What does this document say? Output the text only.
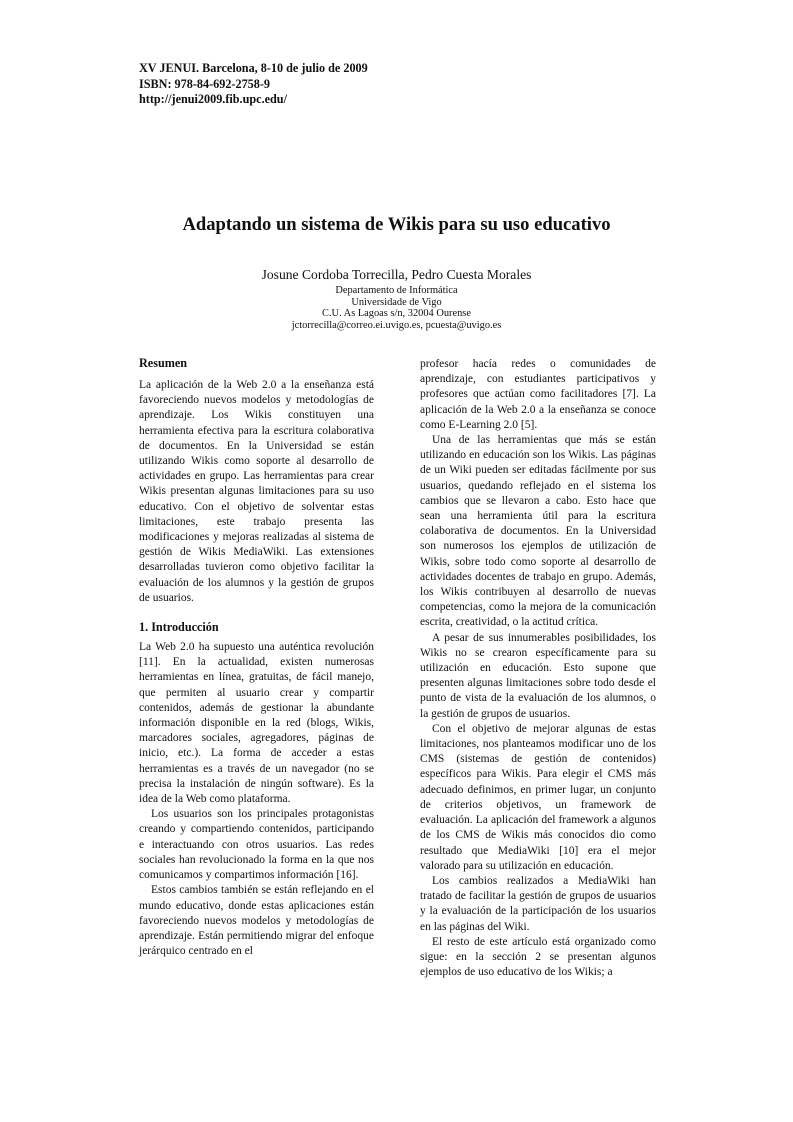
XV JENUI. Barcelona, 8-10 de julio de 2009
ISBN: 978-84-692-2758-9
http://jenui2009.fib.upc.edu/
Adaptando un sistema de Wikis para su uso educativo
Josune Cordoba Torrecilla, Pedro Cuesta Morales
Departamento de Informática
Universidade de Vigo
C.U. As Lagoas s/n, 32004 Ourense
jctorrecilla@correo.ei.uvigo.es, pcuesta@uvigo.es
Resumen

La aplicación de la Web 2.0 a la enseñanza está favoreciendo nuevos modelos y metodologías de aprendizaje. Los Wikis constituyen una herramienta efectiva para la escritura colaborativa de documentos. En la Universidad se están utilizando Wikis como soporte al desarrollo de actividades en grupo. Las herramientas para crear Wikis presentan algunas limitaciones para su uso educativo. Con el objetivo de solventar estas limitaciones, este trabajo presenta las modificaciones y mejoras realizadas al sistema de gestión de Wikis MediaWiki. Las extensiones desarrolladas tuvieron como objetivo facilitar la evaluación de los alumnos y la gestión de grupos de usuarios.

1. Introducción

La Web 2.0 ha supuesto una auténtica revolución [11]. En la actualidad, existen numerosas herramientas en línea, gratuitas, de fácil manejo, que permiten al usuario crear y compartir contenidos, además de gestionar la abundante información disponible en la red (blogs, Wikis, marcadores sociales, agregadores, páginas de inicio, etc.). La forma de acceder a estas herramientas es a través de un navegador (no se precisa la instalación de ningún software). Es la idea de la Web como plataforma.

Los usuarios son los principales protagonistas creando y compartiendo contenidos, participando e interactuando con otros usuarios. Las redes sociales han revolucionado la forma en la que nos comunicamos y compartimos información [16].

Estos cambios también se están reflejando en el mundo educativo, donde estas aplicaciones están favoreciendo nuevos modelos y metodologías de aprendizaje. Están permitiendo migrar del enfoque jerárquico centrado en el

profesor hacía redes o comunidades de aprendizaje, con estudiantes participativos y profesores que actúan como facilitadores [7]. La aplicación de la Web 2.0 a la enseñanza se conoce como E-Learning 2.0 [5].

Una de las herramientas que más se están utilizando en educación son los Wikis. Las páginas de un Wiki pueden ser editadas fácilmente por sus usuarios, quedando reflejado en el sistema los cambios que se llevaron a cabo. Esto hace que sean una herramienta útil para la escritura colaborativa de documentos. En la Universidad son numerosos los ejemplos de utilización de Wikis, sobre todo como soporte al desarrollo de actividades docentes de trabajo en grupo. Además, los Wikis contribuyen al desarrollo de nuevas competencias, como la mejora de la comunicación escrita, creatividad, o la actitud crítica.

A pesar de sus innumerables posibilidades, los Wikis no se crearon específicamente para su utilización en educación. Esto supone que presenten algunas limitaciones sobre todo desde el punto de vista de la evaluación de los alumnos, o la gestión de grupos de usuarios.

Con el objetivo de mejorar algunas de estas limitaciones, nos planteamos modificar uno de los CMS (sistemas de gestión de contenidos) específicos para Wikis. Para elegir el CMS más adecuado definimos, en primer lugar, un conjunto de criterios objetivos, un framework de evaluación. La aplicación del framework a algunos de los CMS de Wikis más conocidos dio como resultado que MediaWiki [10] era el mejor valorado para su utilización en educación.

Los cambios realizados a MediaWiki han tratado de facilitar la gestión de grupos de usuarios y la evaluación de la participación de los usuarios en las páginas del Wiki.

El resto de este artículo está organizado como sigue: en la sección 2 se presentan algunos ejemplos de uso educativo de los Wikis; a
